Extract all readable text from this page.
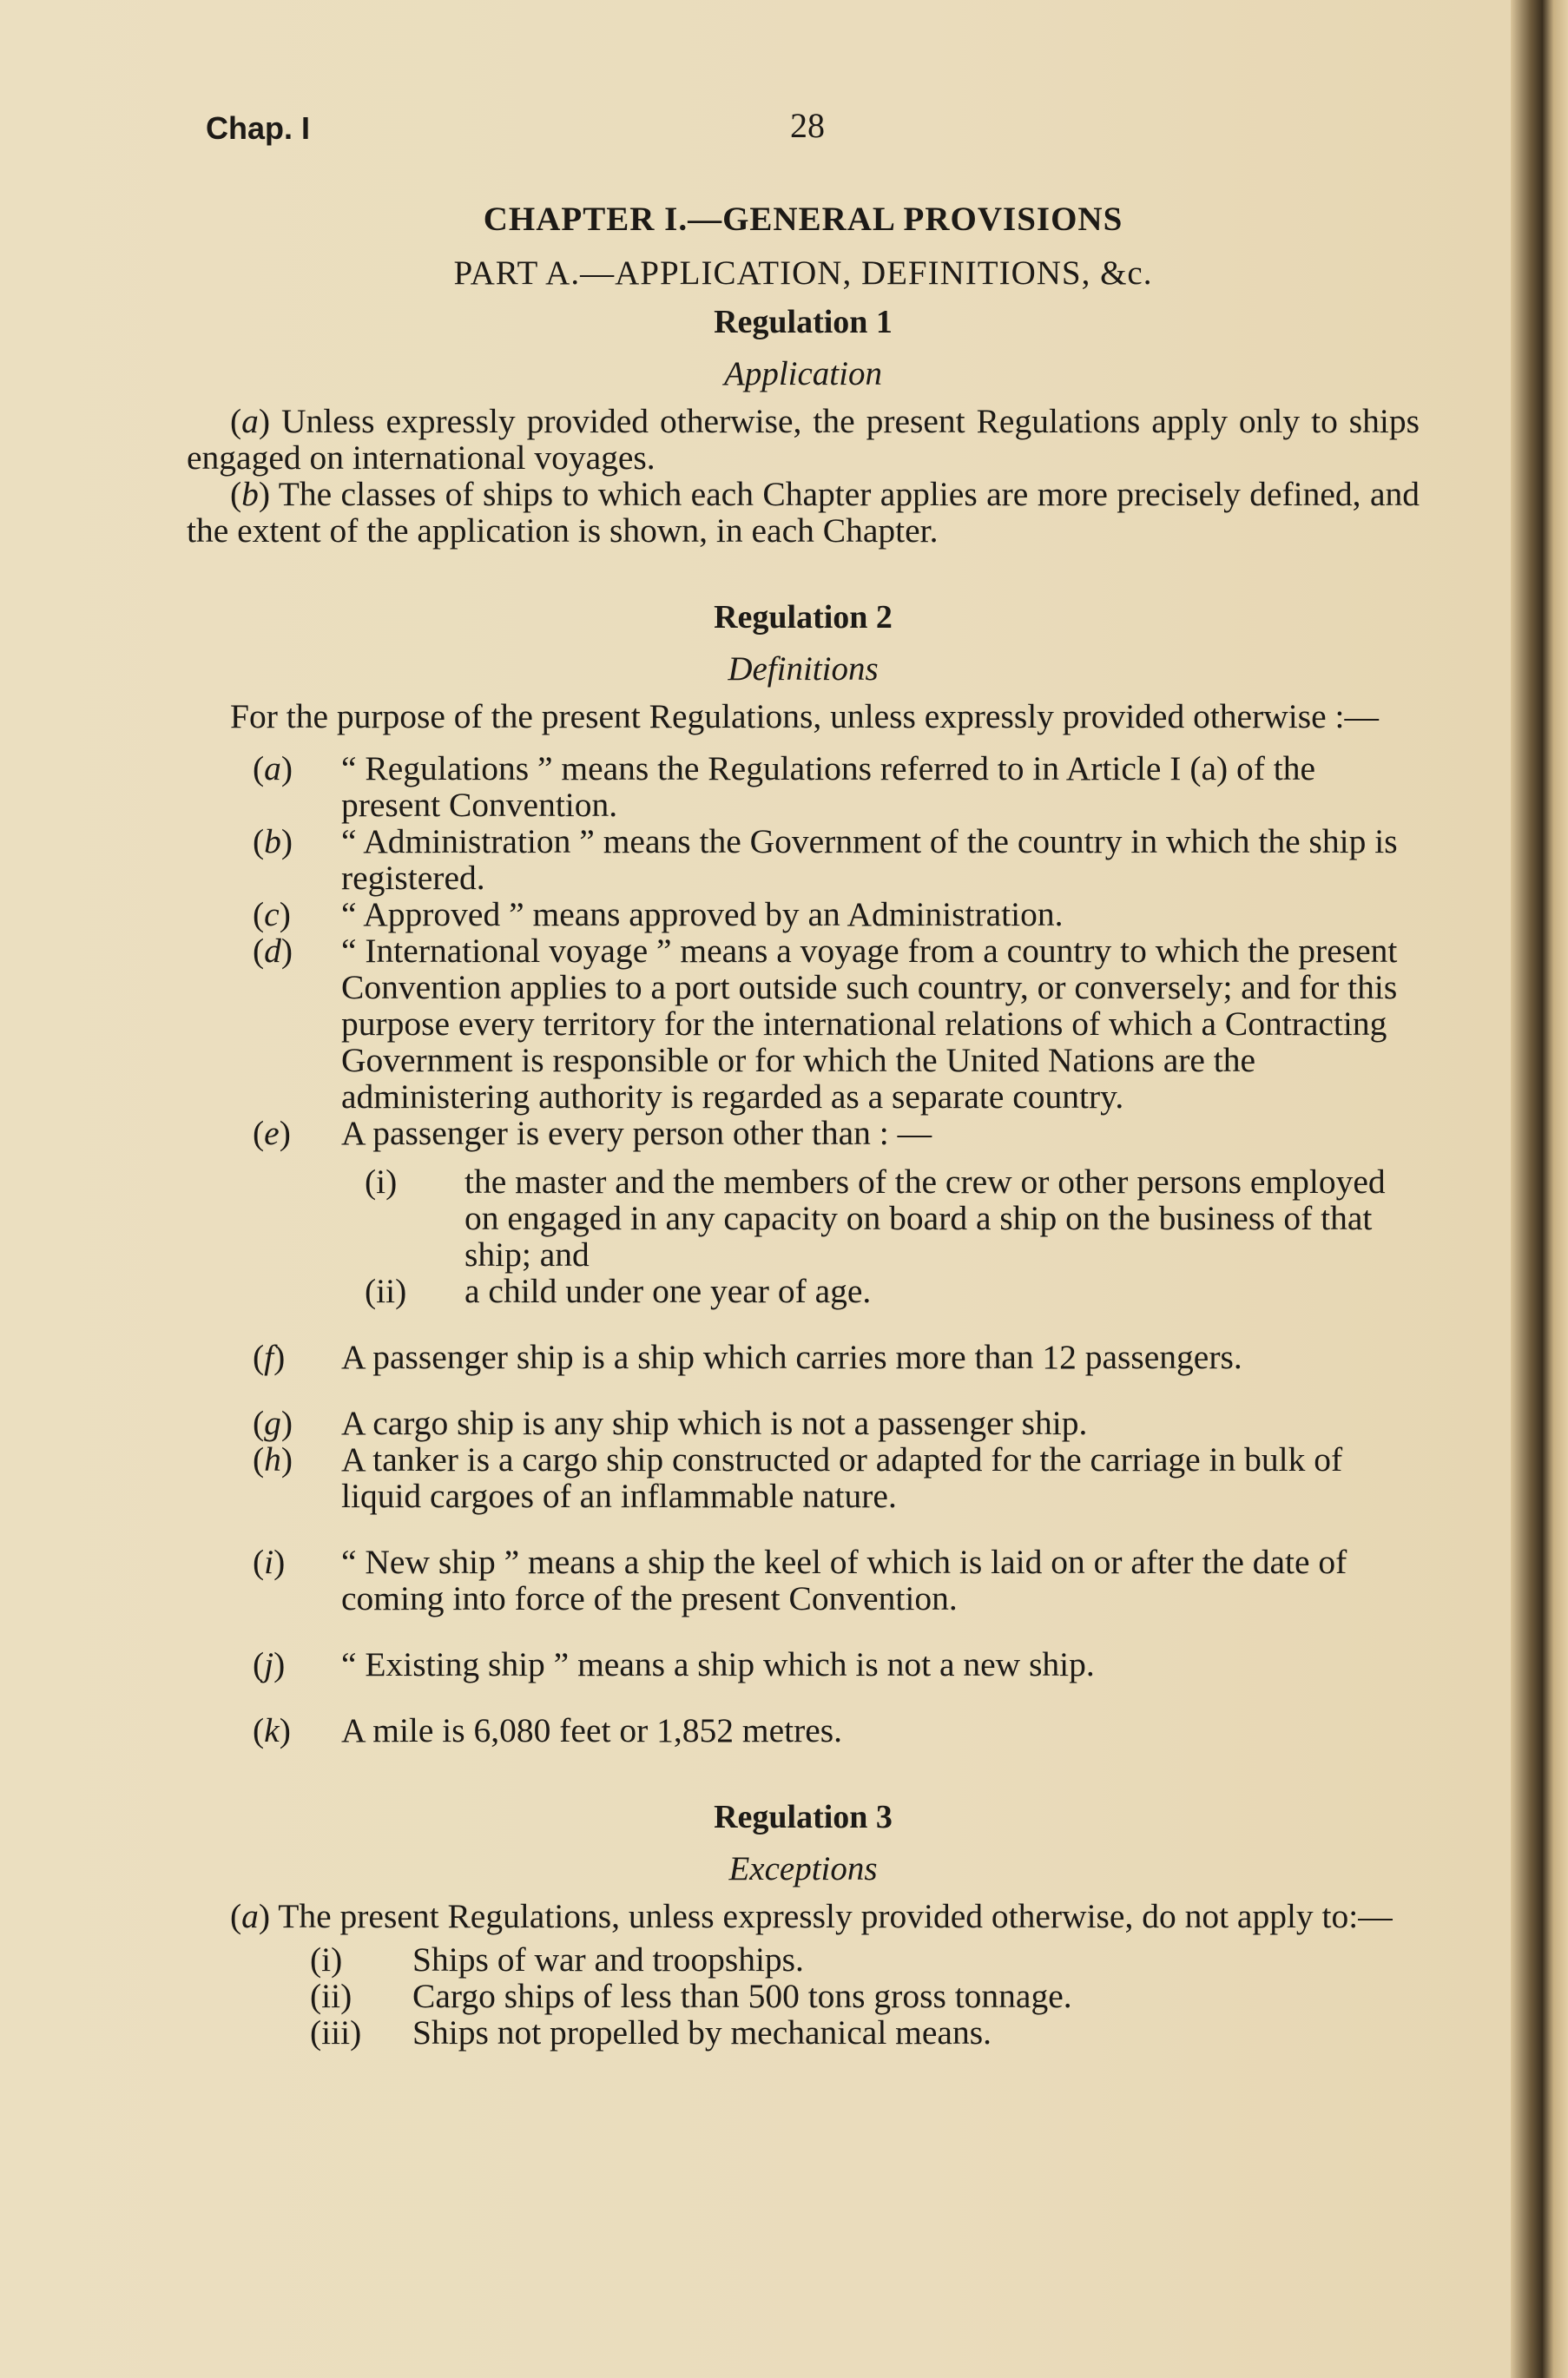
Chap. I	28
CHAPTER I.—GENERAL PROVISIONS
PART A.—APPLICATION, DEFINITIONS, &c.
Regulation 1
Application
(a) Unless expressly provided otherwise, the present Regulations apply only to ships engaged on international voyages.
(b) The classes of ships to which each Chapter applies are more precisely defined, and the extent of the application is shown, in each Chapter.
Regulation 2
Definitions
For the purpose of the present Regulations, unless expressly provided otherwise :—
(a) “ Regulations ” means the Regulations referred to in Article I (a) of the present Convention.
(b) “ Administration ” means the Government of the country in which the ship is registered.
(c) “ Approved ” means approved by an Administration.
(d) “ International voyage ” means a voyage from a country to which the present Convention applies to a port outside such country, or conversely; and for this purpose every territory for the international relations of which a Contracting Government is responsible or for which the United Nations are the administering authority is regarded as a separate country.
(e) A passenger is every person other than : —
(i) the master and the members of the crew or other persons employed on engaged in any capacity on board a ship on the business of that ship; and
(ii) a child under one year of age.
(f) A passenger ship is a ship which carries more than 12 passengers.
(g) A cargo ship is any ship which is not a passenger ship.
(h) A tanker is a cargo ship constructed or adapted for the carriage in bulk of liquid cargoes of an inflammable nature.
(i) “ New ship ” means a ship the keel of which is laid on or after the date of coming into force of the present Convention.
(j) “ Existing ship ” means a ship which is not a new ship.
(k) A mile is 6,080 feet or 1,852 metres.
Regulation 3
Exceptions
(a) The present Regulations, unless expressly provided otherwise, do not apply to:—
(i) Ships of war and troopships.
(ii) Cargo ships of less than 500 tons gross tonnage.
(iii) Ships not propelled by mechanical means.
